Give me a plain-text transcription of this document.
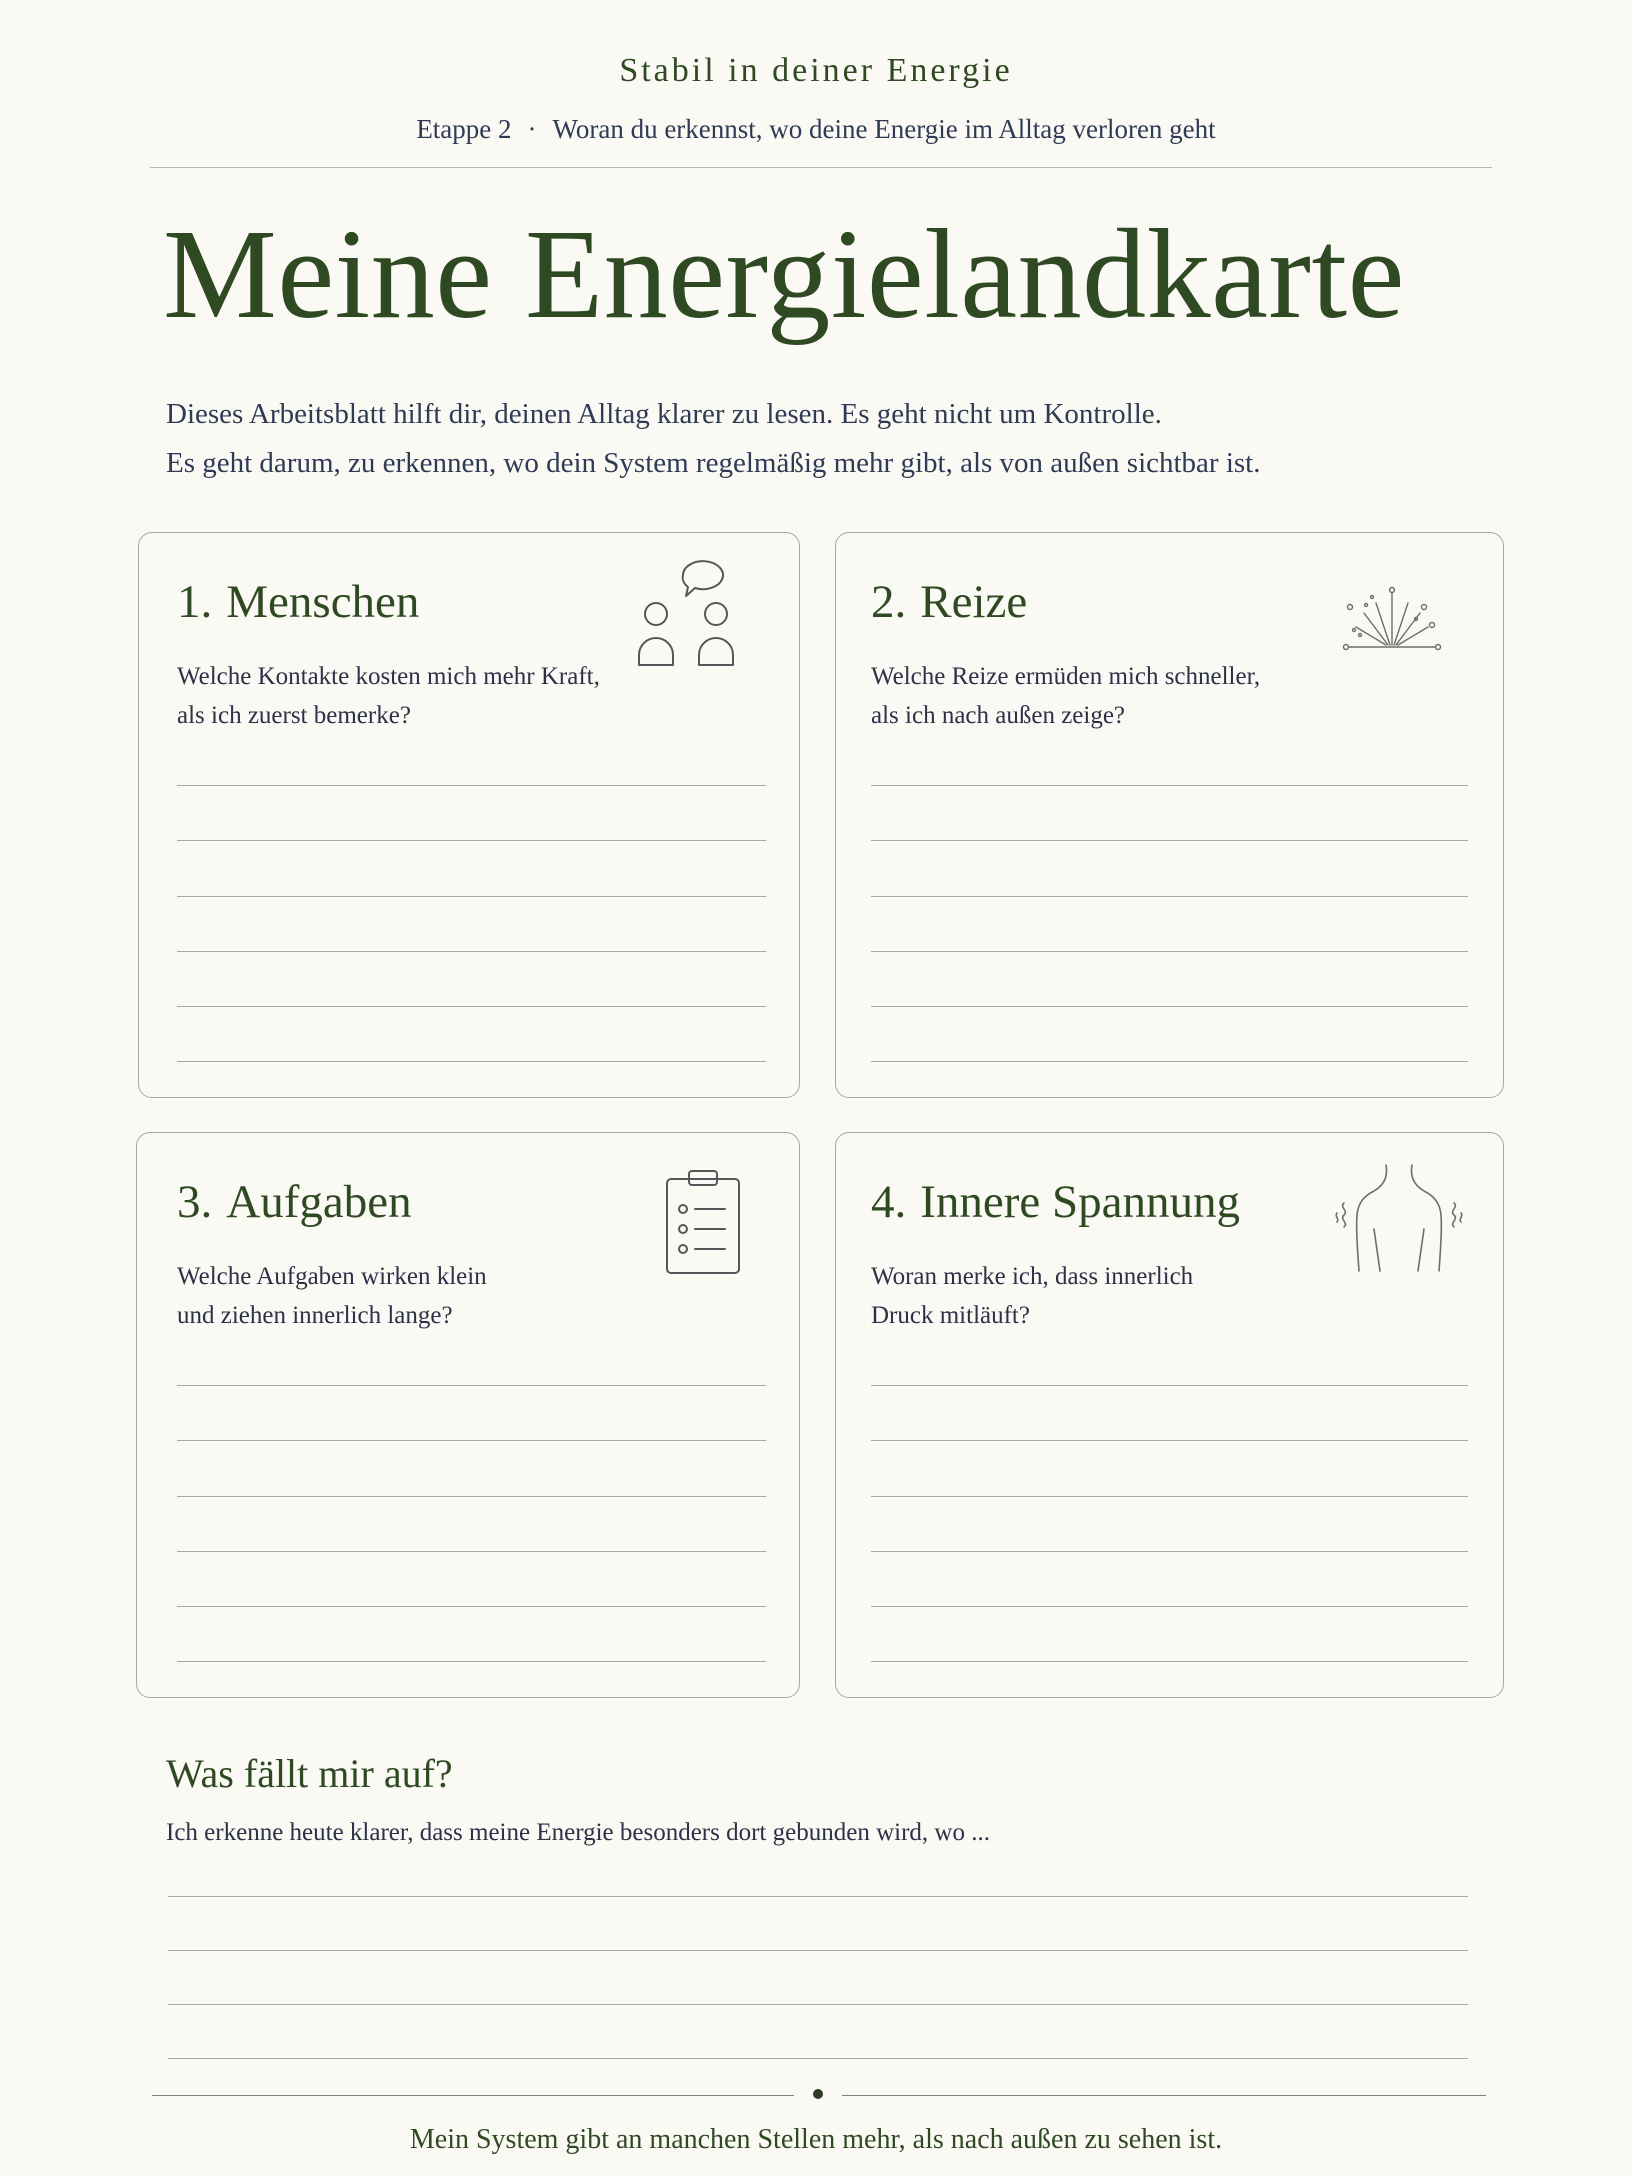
Stabil in deiner Energie
Etappe 2 · Woran du erkennst, wo deine Energie im Alltag verloren geht
Meine Energielandkarte
Dieses Arbeitsblatt hilft dir, deinen Alltag klarer zu lesen. Es geht nicht um Kontrolle.
Es geht darum, zu erkennen, wo dein System regelmäßig mehr gibt, als von außen sichtbar ist.
1. Menschen
Welche Kontakte kosten mich mehr Kraft,
als ich zuerst bemerke?
2. Reize
Welche Reize ermüden mich schneller,
als ich nach außen zeige?
3. Aufgaben
Welche Aufgaben wirken klein
und ziehen innerlich lange?
4. Innere Spannung
Woran merke ich, dass innerlich
Druck mitläuft?
Was fällt mir auf?
Ich erkenne heute klarer, dass meine Energie besonders dort gebunden wird, wo ...
Mein System gibt an manchen Stellen mehr, als nach außen zu sehen ist.
